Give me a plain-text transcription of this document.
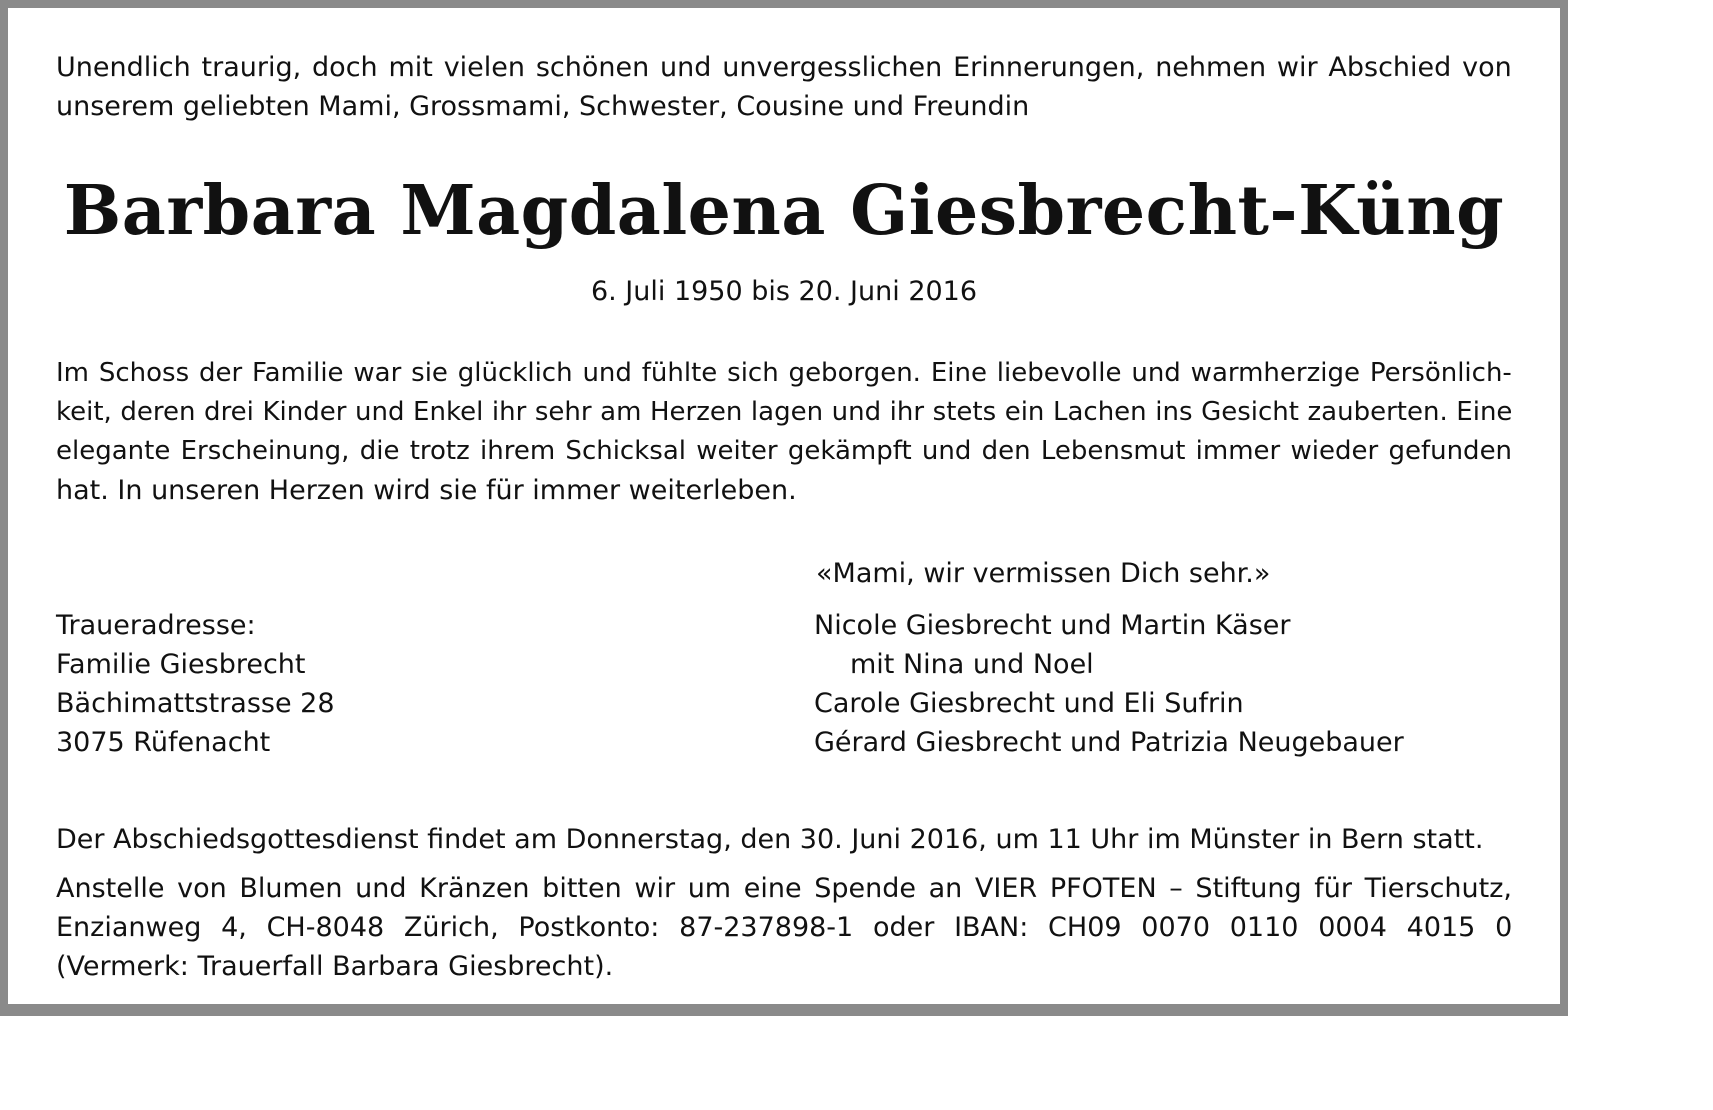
Unendlich traurig, doch mit vielen schönen und unvergesslichen Erinnerungen, nehmen wir Abschied von
unserem geliebten Mami, Grossmami, Schwester, Cousine und Freundin

Barbara Magdalena Giesbrecht-Küng
6. Juli 1950 bis 20. Juni 2016
Im Schoss der Familie war sie glücklich und fühlte sich geborgen. Eine liebevolle und warmherzige Persönlich-
keit, deren drei Kinder und Enkel ihr sehr am Herzen lagen und ihr stets ein Lachen ins Gesicht zauberten. Eine
elegante Erscheinung, die trotz ihrem Schicksal weiter gekämpft und den Lebensmut immer wieder gefunden
hat. In unseren Herzen wird sie für immer weiterleben.
Traueradresse:
Familie Giesbrecht
Bächimattstrasse 28
3075 Rüfenacht
«Mami, wir vermissen Dich sehr.»
Nicole Giesbrecht und Martin Käser
mit Nina und Noel
Carole Giesbrecht und Eli Sufrin
Gérard Giesbrecht und Patrizia Neugebauer
Der Abschiedsgottesdienst findet am Donnerstag, den 30. Juni 2016, um 11 Uhr im Münster in Bern statt.
Anstelle von Blumen und Kränzen bitten wir um eine Spende an VIER PFOTEN – Stiftung für Tierschutz,
Enzianweg 4, CH-8048 Zürich, Postkonto: 87-237898-1 oder IBAN: CH09 0070 0110 0004 4015 0
(Vermerk: Trauerfall Barbara Giesbrecht).
